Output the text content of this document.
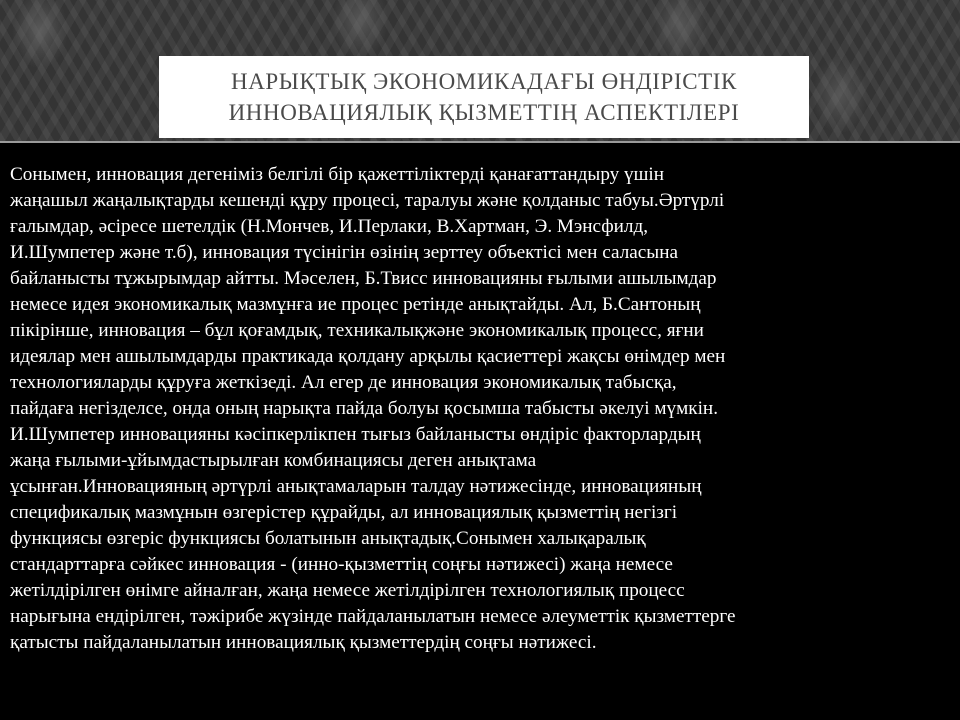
НАРЫҚТЫҚ ЭКОНОМИКАДАҒЫ ӨНДІРІСТІК
ИННОВАЦИЯЛЫҚ ҚЫЗМЕТТІҢ АСПЕКТІЛЕРІ
Сонымен, инновация дегеніміз белгілі бір қажеттіліктерді қанағаттандыру үшін
жаңашыл жаңалықтарды кешенді құру процесі, таралуы және қолданыс табуы.Әртүрлі
ғалымдар, әсіресе шетелдік (Н.Мончев, И.Перлаки, В.Хартман, Э. Мэнсфилд,
И.Шумпетер және т.б), инновация түсінігін өзінің зерттеу объектісі мен саласына
байланысты тұжырымдар айтты. Мәселен, Б.Твисс инновацияны ғылыми ашылымдар
немесе идея экономикалық мазмұнға ие процес ретінде анықтайды. Ал, Б.Сантоның
пікірінше, инновация – бұл қоғамдық, техникалықжәне экономикалық процесс, яғни
идеялар мен ашылымдарды практикада қолдану арқылы қасиеттері жақсы өнімдер мен
технологияларды құруға жеткізеді. Ал егер де инновация экономикалық табысқа,
пайдаға негізделсе, онда оның нарықта пайда болуы қосымша табысты әкелуі мүмкін.
И.Шумпетер инновацияны кәсіпкерлікпен тығыз байланысты өндіріс факторлардың
жаңа ғылыми-ұйымдастырылған комбинациясы деген анықтама
ұсынған.Инновацияның әртүрлі анықтамаларын талдау нәтижесінде, инновацияның
спецификалық мазмұнын өзгерістер құрайды, ал инновациялық қызметтің негізгі
функциясы өзгеріс функциясы болатынын анықтадық.Сонымен халықаралық
стандарттарға сәйкес инновация - (инно-қызметтің соңғы нәтижесі) жаңа немесе
жетілдірілген өнімге айналған, жаңа немесе жетілдірілген технологиялық процесс
нарығына ендірілген, тәжірибе жүзінде пайдаланылатын немесе әлеуметтік қызметтерге
қатысты пайдаланылатын инновациялық қызметтердің соңғы нәтижесі.
